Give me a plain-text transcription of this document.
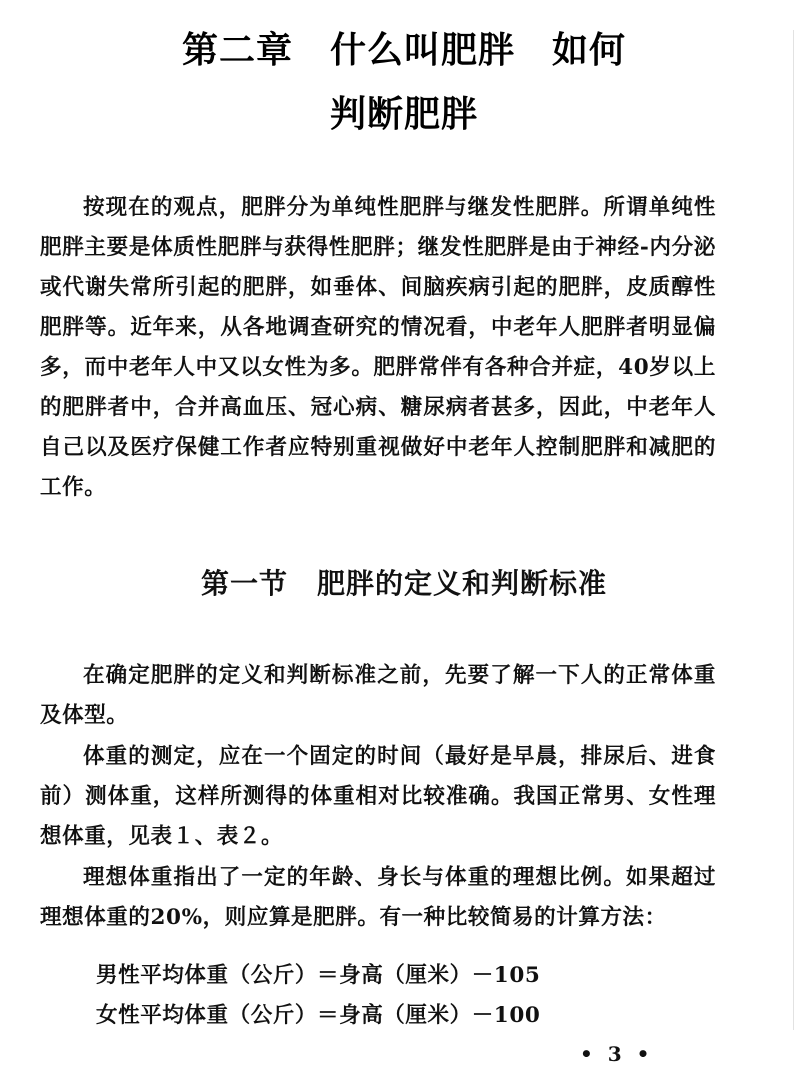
第二章　什么叫肥胖　如何
判断肥胖

按现在的观点，肥胖分为单纯性肥胖与继发性肥胖。所谓单纯性肥胖主要是体质性肥胖与获得性肥胖；继发性肥胖是由于神经-内分泌或代谢失常所引起的肥胖，如垂体、间脑疾病引起的肥胖，皮质醇性肥胖等。近年来，从各地调查研究的情况看，中老年人肥胖者明显偏多，而中老年人中又以女性为多。肥胖常伴有各种合并症，40岁以上的肥胖者中，合并高血压、冠心病、糖尿病者甚多，因此，中老年人自己以及医疗保健工作者应特别重视做好中老年人控制肥胖和减肥的工作。

第一节　肥胖的定义和判断标准

在确定肥胖的定义和判断标准之前，先要了解一下人的正常体重及体型。

体重的测定，应在一个固定的时间（最好是早晨，排尿后、进食前）测体重，这样所测得的体重相对比较准确。我国正常男、女性理想体重，见表１、表２。

理想体重指出了一定的年龄、身长与体重的理想比例。如果超过理想体重的20%，则应算是肥胖。有一种比较简易的计算方法：

男性平均体重（公斤）＝身高（厘米）－105
女性平均体重（公斤）＝身高（厘米）－100
• 3 •
